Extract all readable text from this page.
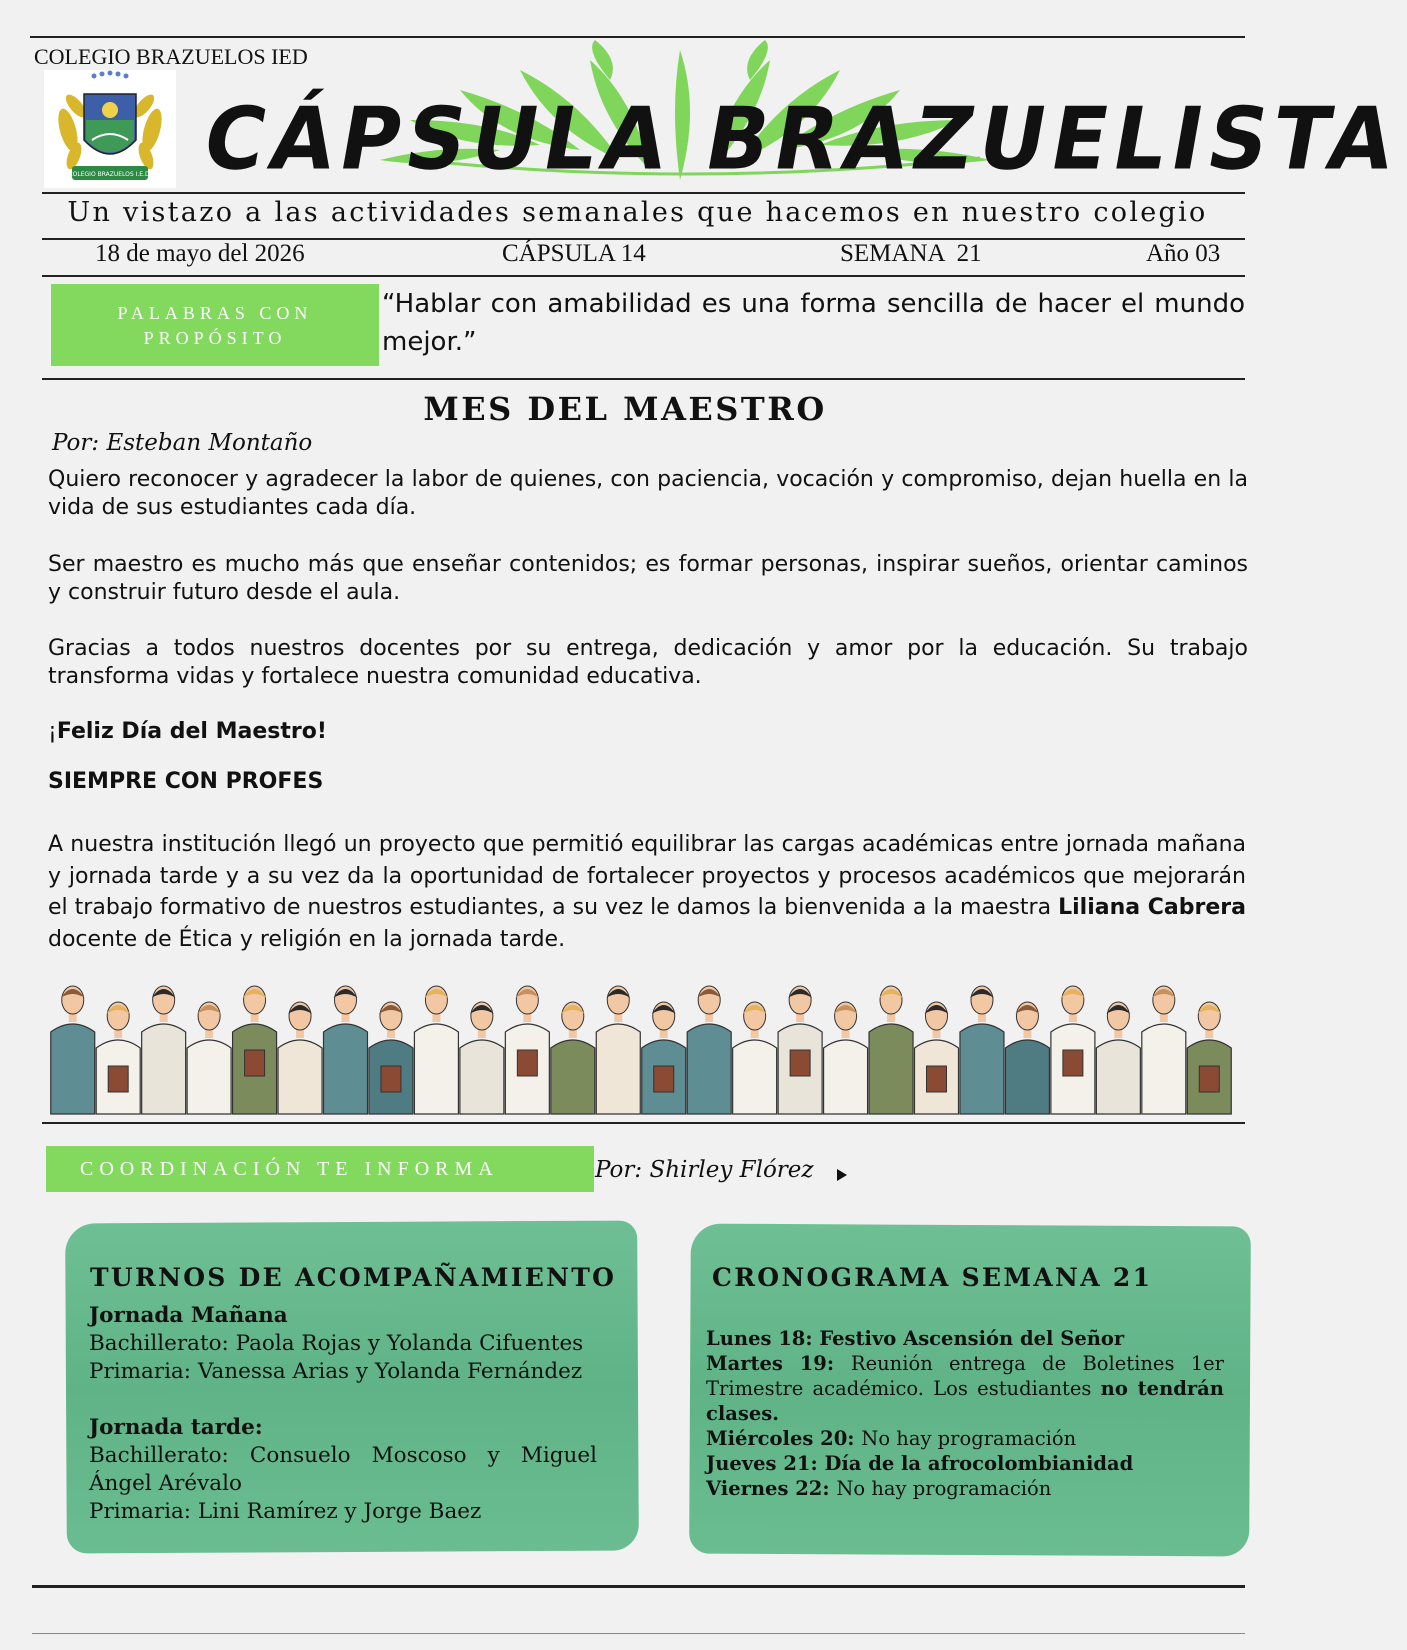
COLEGIO BRAZUELOS IED
COLEGIO BRAZUELOS I.E.D. CÁPSULA BRAZUELISTA
Un vistazo a las actividades semanales que hacemos en nuestro colegio
18 de mayo del 2026	CÁPSULA 14	SEMANA  21	Año 03
PALABRAS CON
PROPÓSITO
“Hablar con amabilidad es una forma sencilla de hacer el mundo mejor.”
MES DEL MAESTRO
Por: Esteban Montaño
Quiero reconocer y agradecer la labor de quienes, con paciencia, vocación y compromiso, dejan huella en la vida de sus estudiantes cada día.
Ser maestro es mucho más que enseñar contenidos; es formar personas, inspirar sueños, orientar caminos y construir futuro desde el aula.
Gracias a todos nuestros docentes por su entrega, dedicación y amor por la educación. Su trabajo transforma vidas y fortalece nuestra comunidad educativa.
¡Feliz Día del Maestro!
SIEMPRE CON PROFES
A nuestra institución llegó un proyecto que permitió equilibrar las cargas académicas entre jornada mañana y jornada tarde y a su vez da la oportunidad de fortalecer proyectos y procesos académicos que mejorarán el trabajo formativo de nuestros estudiantes, a su vez le damos la bienvenida a la maestra Liliana Cabrera docente de Ética y religión en la jornada tarde.
COORDINACIÓN TE INFORMA	Por: Shirley Flórez
TURNOS DE ACOMPAÑAMIENTO
Jornada Mañana
Bachillerato: Paola Rojas y Yolanda Cifuentes
Primaria: Vanessa Arias y Yolanda Fernández
Jornada tarde:
Bachillerato: Consuelo Moscoso y Miguel
Ángel Arévalo
Primaria: Lini Ramírez y Jorge Baez
CRONOGRAMA SEMANA 21
Lunes 18: Festivo Ascensión del Señor
Martes 19: Reunión entrega de Boletines 1er Trimestre académico. Los estudiantes no tendrán clases.
Miércoles 20: No hay programación
Jueves 21: Día de la afrocolombianidad
Viernes 22: No hay programación
